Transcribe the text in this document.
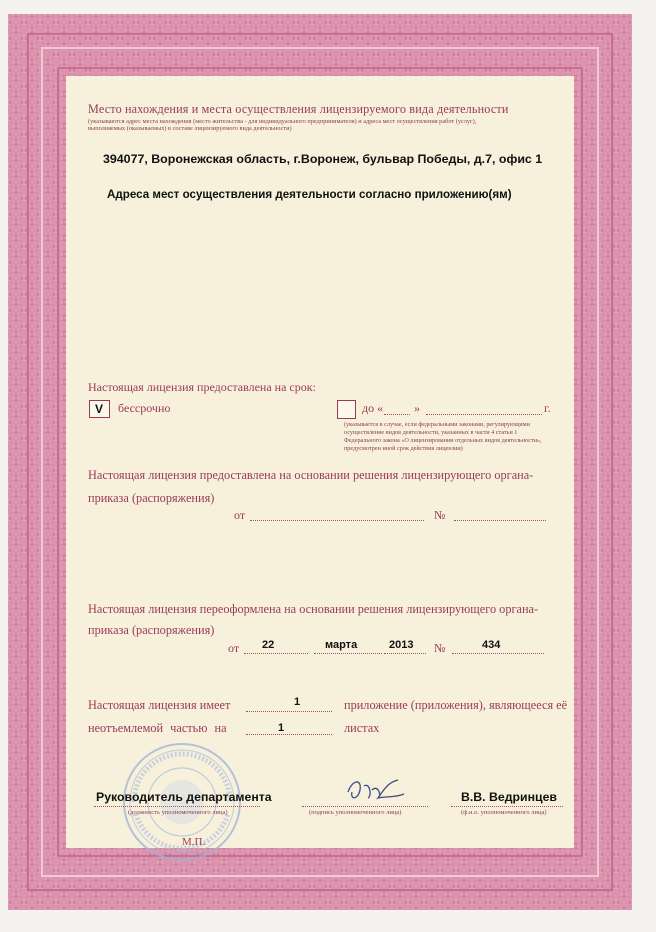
Место нахождения и места осуществления лицензируемого вида деятельности
(указываются адрес места нахождения (место жительства - для индивидуального предпринимателя) и адреса мест осуществления работ (услуг),
выполняемых (оказываемых) в составе лицензируемого вида деятельности)
394077, Воронежская область, г.Воронеж, бульвар Победы, д.7, офис 1
Адреса мест осуществления деятельности согласно приложению(ям)
Настоящая лицензия предоставлена на срок:
V бессрочно	до «	»	г.
(указывается в случае, если федеральными законами, регулирующими
осуществление видов деятельности, указанных в части 4 статьи 1
Федерального закона «О лицензировании отдельных видов деятельности»,
предусмотрен иной срок действия лицензии)
Настоящая лицензия предоставлена на основании решения лицензирующего органа-
приказа (распоряжения)
от	№
Настоящая лицензия переоформлена на основании решения лицензирующего органа-
приказа (распоряжения)
от 22	марта	2013 №	434
Настоящая лицензия имеет	1	приложение (приложения), являющееся её
неотъемлемой частью на	1	листах
Руководитель департамента
(должность уполномоченного лица)	(подпись уполномоченного лица)
В.В. Ведринцев
(ф.и.о. уполномоченного лица)
М.П.
